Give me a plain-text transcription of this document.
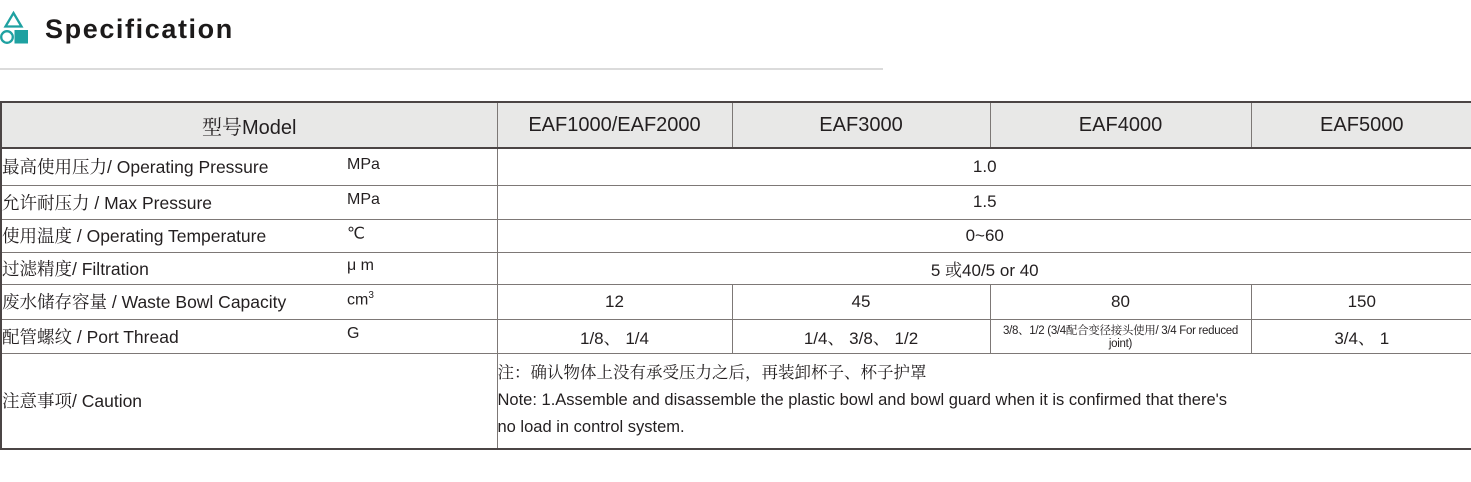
Specification
型号Model	EAF1000/EAF2000	EAF3000	EAF4000	EAF5000
最高使用压力/ Operating Pressure MPa	1.0			
允许耐压力 / Max Pressure MPa	1.5			
使用温度 / Operating Temperature ℃	0~60			
过滤精度/ Filtration μ m	5 或40/5 or 40			
废水储存容量 / Waste Bowl Capacity $cm^3$	12	45	80	150
配管螺纹 / Port Thread G	1/8、 1/4	1/4、 3/8、 1/2	3/8、1/2 (3/4配合变径接头使用/ 3/4 For reduced joint)	3/4、 1
注意事项/ Caution	注：确认物体上没有承受压力之后，再装卸杯子、杯子护罩
Note: 1.Assemble and disassemble the plastic bowl and bowl guard when it is confirmed that there's
no load in control system.			
